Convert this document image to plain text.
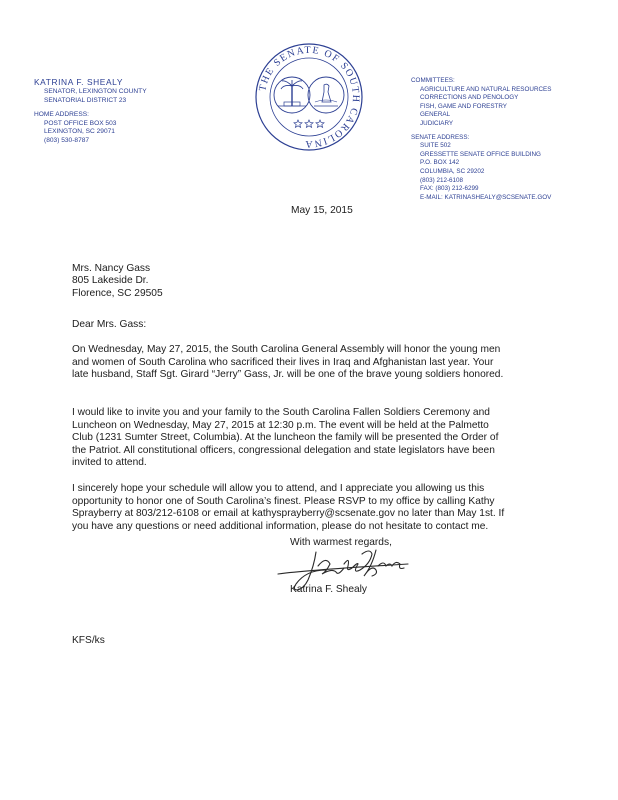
KATRINA F. SHEALY
SENATOR, LEXINGTON COUNTY
SENATORIAL DISTRICT 23
HOME ADDRESS:
POST OFFICE BOX 503
LEXINGTON, SC 29071
(803) 530-8787
THE SENATE OF SOUTH CAROLINA
COMMITTEES:
AGRICULTURE AND NATURAL RESOURCES
CORRECTIONS AND PENOLOGY
FISH, GAME AND FORESTRY
GENERAL
JUDICIARY
SENATE ADDRESS:
SUITE 502
GRESSETTE SENATE OFFICE BUILDING
P.O. BOX 142
COLUMBIA, SC 29202
(803) 212-6108
FAX: (803) 212-6299
E-MAIL: KATRINASHEALY@SCSENATE.GOV
May 15, 2015
Mrs. Nancy Gass
805 Lakeside Dr.
Florence, SC 29505
Dear Mrs. Gass:
On Wednesday, May 27, 2015, the South Carolina General Assembly will honor the young men
and women of South Carolina who sacrificed their lives in Iraq and Afghanistan last year. Your
late husband, Staff Sgt. Girard “Jerry” Gass, Jr. will be one of the brave young soldiers honored.
I would like to invite you and your family to the South Carolina Fallen Soldiers Ceremony and
Luncheon on Wednesday, May 27, 2015 at 12:30 p.m. The event will be held at the Palmetto
Club (1231 Sumter Street, Columbia). At the luncheon the family will be presented the Order of
the Patriot. All constitutional officers, congressional delegation and state legislators have been
invited to attend.
I sincerely hope your schedule will allow you to attend, and I appreciate you allowing us this
opportunity to honor one of South Carolina’s finest. Please RSVP to my office by calling Kathy
Sprayberry at 803/212-6108 or email at kathysprayberry@scsenate.gov no later than May 1st. If
you have any questions or need additional information, please do not hesitate to contact me.
With warmest regards,
Katrina F. Shealy
KFS/ks
